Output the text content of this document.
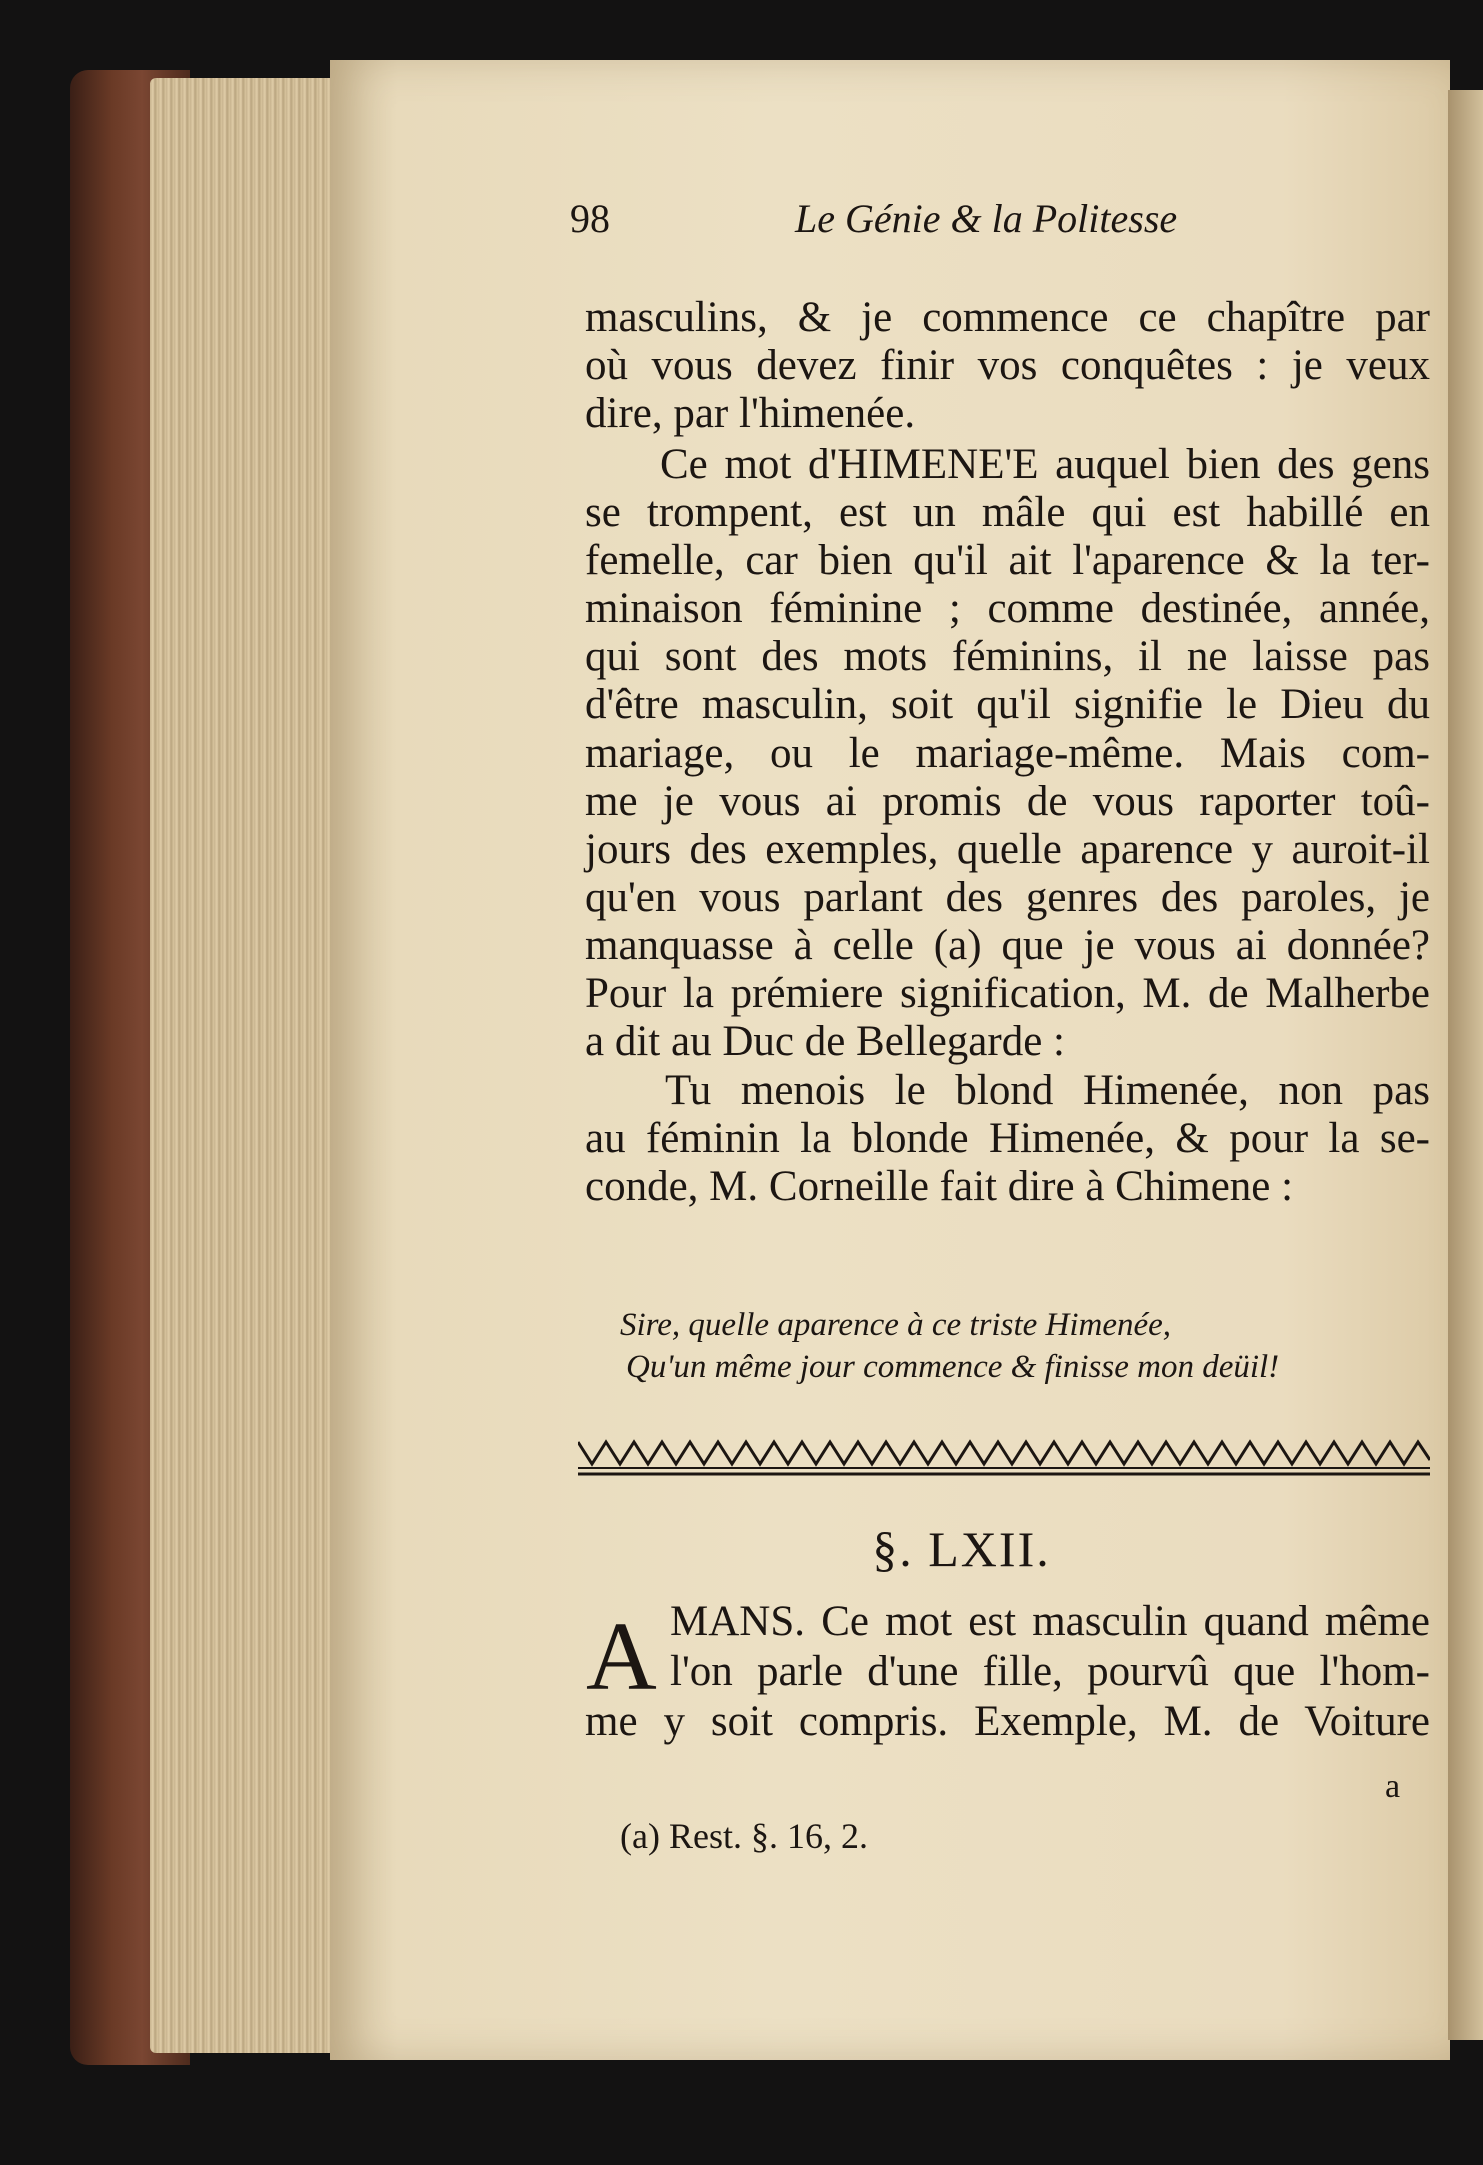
98	Le Génie & la Politesse
masculins, & je commence ce chapître par
où vous devez finir vos conquêtes : je veux
dire, par l'himenée.
Ce mot d'HIMENE'E auquel bien des gens
se trompent, est un mâle qui est habillé en
femelle, car bien qu'il ait l'aparence & la ter-
minaison féminine ; comme destinée, année,
qui sont des mots féminins, il ne laisse pas
d'être masculin, soit qu'il signifie le Dieu du
mariage, ou le mariage-même. Mais com-
me je vous ai promis de vous raporter toû-
jours des exemples, quelle aparence y auroit-il
qu'en vous parlant des genres des paroles, je
manquasse à celle (a) que je vous ai donnée?
Pour la prémiere signification, M. de Malherbe
a dit au Duc de Bellegarde :
Tu menois le blond Himenée, non pas
au féminin la blonde Himenée, & pour la se-
conde, M. Corneille fait dire à Chimene :
Sire, quelle aparence à ce triste Himenée,
Qu'un même jour commence & finisse mon deüil!
§. LXII.
A MANS. Ce mot est masculin quand même
l'on parle d'une fille, pourvû que l'hom-
me y soit compris. Exemple, M. de Voiture
a
(a) Rest. §. 16, 2.
